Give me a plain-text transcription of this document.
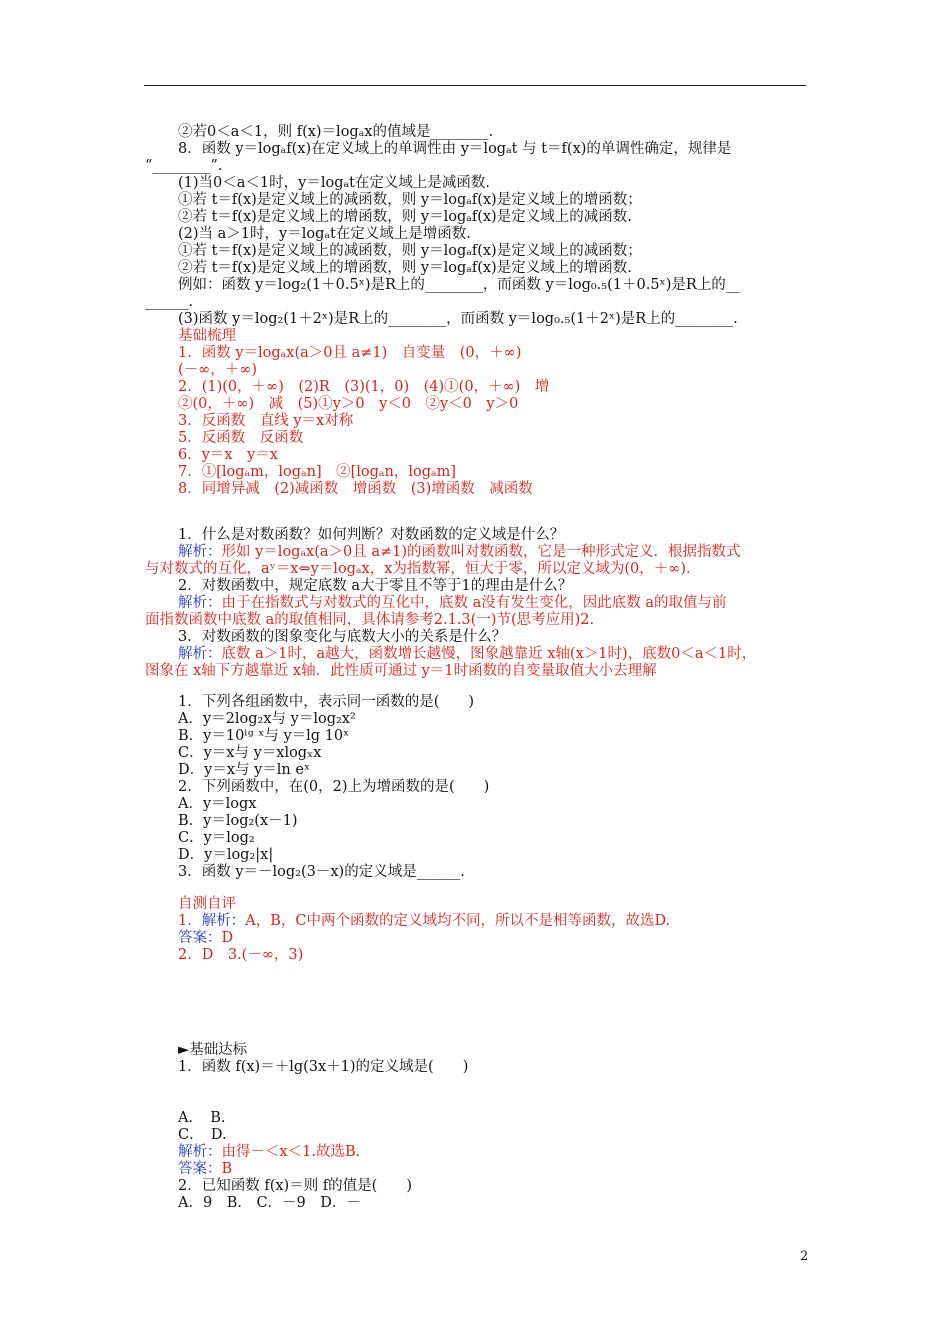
②若0＜a＜1，则 f(x)＝logₐx的值域是________.
8．函数 y＝logₐf(x)在定义域上的单调性由 y＝logₐt 与 t＝f(x)的单调性确定，规律是
“________”.
(1)当0＜a＜1时，y＝logₐt在定义域上是减函数.
①若 t＝f(x)是定义域上的减函数，则 y＝logₐf(x)是定义域上的增函数；
②若 t＝f(x)是定义域上的增函数，则 y＝logₐf(x)是定义域上的减函数.
(2)当 a＞1时，y＝logₐt在定义域上是增函数.
①若 t＝f(x)是定义域上的减函数，则 y＝logₐf(x)是定义域上的减函数；
②若 t＝f(x)是定义域上的增函数，则 y＝logₐf(x)是定义域上的增函数.
例如：函数 y＝log₂(1＋0.5ˣ)是R上的________，而函数 y＝log₀.₅(1＋0.5ˣ)是R上的__
______.
(3)函数 y＝log₂(1＋2ˣ)是R上的________，而函数 y＝log₀.₅(1＋2ˣ)是R上的________.
基础梳理
1．函数 y＝logₐx(a＞0且 a≠1)　自变量　(0，＋∞)
(－∞，＋∞)
2．(1)(0，＋∞)　(2)R　(3)(1，0)　(4)①(0，＋∞)　增
②(0，＋∞)　减　(5)①y＞0　y＜0　②y＜0　y＞0
3．反函数　直线 y＝x对称
5．反函数　反函数
6．y＝x　y＝x
7．①[logₐm，logₐn]　②[logₐn，logₐm]
8．同增异减　(2)减函数　增函数　(3)增函数　减函数
1．什么是对数函数？如何判断？对数函数的定义域是什么？
解析：形如 y＝logₐx(a＞0且 a≠1)的函数叫对数函数，它是一种形式定义．根据指数式
与对数式的互化，aʸ＝x⇔y＝logₐx，x为指数幂，恒大于零，所以定义域为(0，＋∞).
2．对数函数中，规定底数 a大于零且不等于1的理由是什么？
解析：由于在指数式与对数式的互化中，底数 a没有发生变化，因此底数 a的取值与前
面指数函数中底数 a的取值相同，具体请参考2.1.3(一)节(思考应用)2.
3．对数函数的图象变化与底数大小的关系是什么？
解析：底数 a＞1时，a越大，函数增长越慢，图象越靠近 x轴(x＞1时)，底数0＜a＜1时，
图象在 x轴下方越靠近 x轴．此性质可通过 y＝1时函数的自变量取值大小去理解
1．下列各组函数中，表示同一函数的是(　　)
A．y＝2log₂x与 y＝log₂x²
B．y＝10ˡᵍ ˣ与 y＝lg 10ˣ
C．y＝x与 y＝xlogₓx
D．y＝x与 y＝ln eˣ
2．下列函数中，在(0，2)上为增函数的是(　　)
A．y＝logx
B．y＝log₂(x－1)
C．y＝log₂
D．y＝log₂|x|
3．函数 y＝－log₂(3－x)的定义域是______.
自测自评
1．解析：A，B，C中两个函数的定义域均不同，所以不是相等函数，故选D.
答案：D
2．D　3.(－∞，3)
►基础达标
1．函数 f(x)＝＋lg(3x＋1)的定义域是(　　)
A．　B.
C．　D.
解析：由得－＜x＜1.故选B.
答案：B
2．已知函数 f(x)＝则 f的值是(　　)
A．9　B.　C．－9　D．－
2
